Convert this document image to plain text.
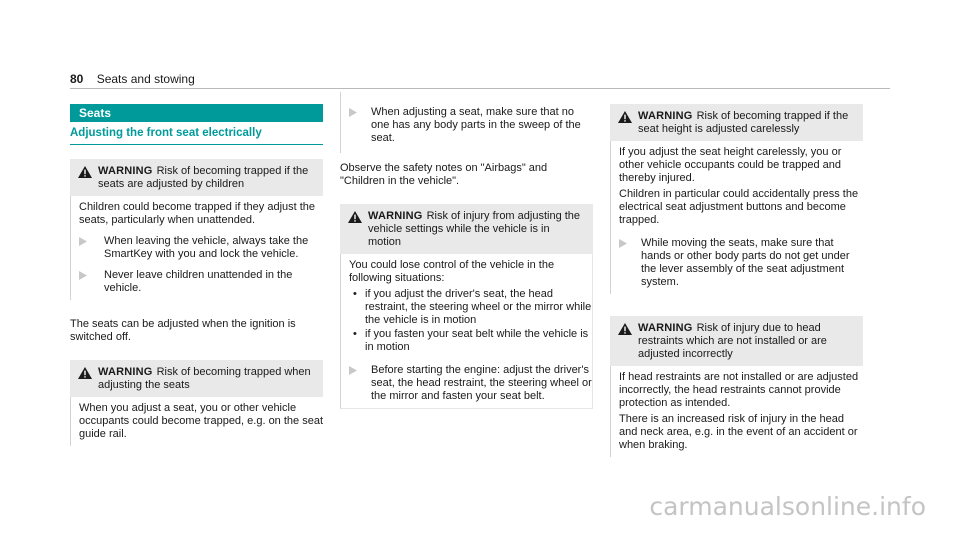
80 Seats and stowing
Seats
Adjusting the front seat electrically
WARNING Risk of becoming trapped if the seats are adjusted by children

Children could become trapped if they adjust the seats, particularly when unattended.

When leaving the vehicle, always take the SmartKey with you and lock the vehicle.

Never leave children unattended in the vehicle.

The seats can be adjusted when the ignition is switched off.

WARNING Risk of becoming trapped when adjusting the seats

When you adjust a seat, you or other vehicle occupants could become trapped, e.g. on the seat guide rail.

When adjusting a seat, make sure that no one has any body parts in the sweep of the seat.

Observe the safety notes on "Airbags" and "Children in the vehicle".

WARNING Risk of injury from adjusting the vehicle settings while the vehicle is in motion

You could lose control of the vehicle in the following situations:

• if you adjust the driver's seat, the head restraint, the steering wheel or the mirror while the vehicle is in motion
• if you fasten your seat belt while the vehicle is in motion

Before starting the engine: adjust the driver's seat, the head restraint, the steering wheel or the mirror and fasten your seat belt.

WARNING Risk of becoming trapped if the seat height is adjusted carelessly

If you adjust the seat height carelessly, you or other vehicle occupants could be trapped and thereby injured.

Children in particular could accidentally press the electrical seat adjustment buttons and become trapped.

While moving the seats, make sure that hands or other body parts do not get under the lever assembly of the seat adjustment system.

WARNING Risk of injury due to head restraints which are not installed or are adjusted incorrectly

If head restraints are not installed or are adjusted incorrectly, the head restraints cannot provide protection as intended.

There is an increased risk of injury in the head and neck area, e.g. in the event of an accident or when braking.

carmanualsonline.info
